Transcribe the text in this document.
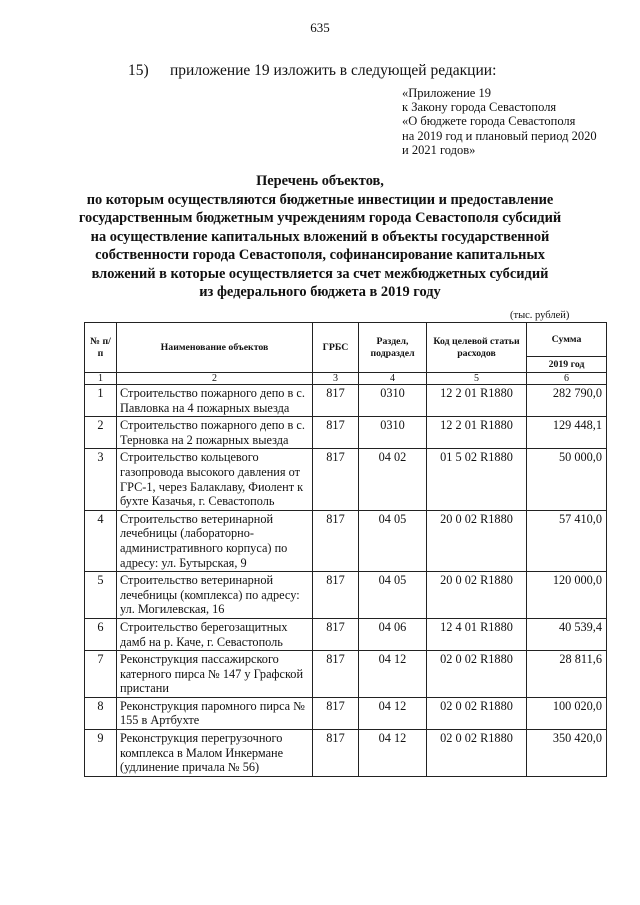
635
15) приложение 19 изложить в следующей редакции:
«Приложение 19
к Закону города Севастополя
«О бюджете города Севастополя
на 2019 год и плановый период 2020
и 2021 годов»
Перечень объектов,
по которым осуществляются бюджетные инвестиции и предоставление
государственным бюджетным учреждениям города Севастополя субсидий
на осуществление капитальных вложений в объекты государственной
собственности города Севастополя, софинансирование капитальных
вложений в которые осуществляется за счет межбюджетных субсидий
из федерального бюджета в 2019 году
(тыс. рублей)
№ п/п	Наименование объектов	ГРБС	Раздел, подраздел	Код целевой статьи расходов	Сумма
					2019 год
1	2	3	4	5	6
1	Строительство пожарного депо в с. Павловка на 4 пожарных выезда	817	0310	12 2 01 R1880	282 790,0
2	Строительство пожарного депо в с. Терновка на 2 пожарных выезда	817	0310	12 2 01 R1880	129 448,1
3	Строительство кольцевого газопровода высокого давления от ГРС-1, через Балаклаву, Фиолент к бухте Казачья, г. Севастополь	817	04 02	01 5 02 R1880	50 000,0
4	Строительство ветеринарной лечебницы (лабораторно-административного корпуса) по адресу: ул. Бутырская, 9	817	04 05	20 0 02 R1880	57 410,0
5	Строительство ветеринарной лечебницы (комплекса) по адресу: ул. Могилевская, 16	817	04 05	20 0 02 R1880	120 000,0
6	Строительство берегозащитных дамб на р. Каче, г. Севастополь	817	04 06	12 4 01 R1880	40 539,4
7	Реконструкция пассажирского катерного пирса № 147 у Графской пристани	817	04 12	02 0 02 R1880	28 811,6
8	Реконструкция паромного пирса № 155 в Артбухте	817	04 12	02 0 02 R1880	100 020,0
9	Реконструкция перегрузочного комплекса в Малом Инкермане (удлинение причала № 56)	817	04 12	02 0 02 R1880	350 420,0
